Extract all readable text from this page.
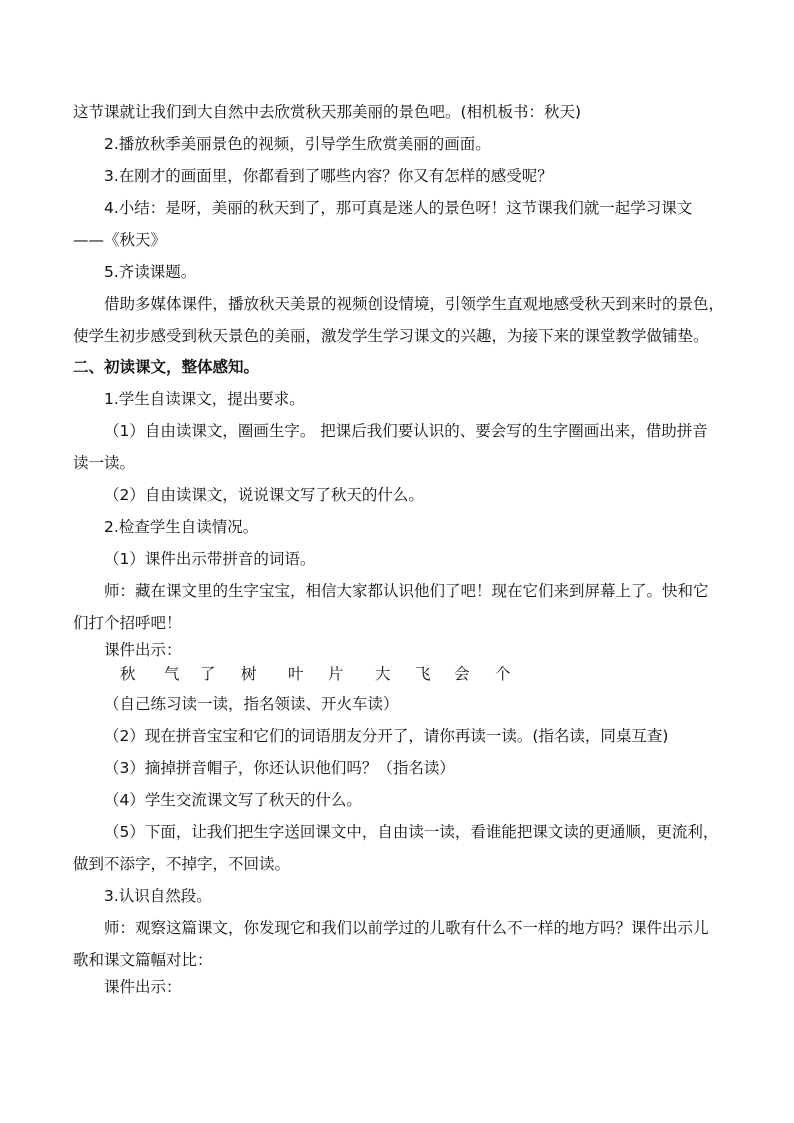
这节课就让我们到大自然中去欣赏秋天那美丽的景色吧。(相机板书：秋天)
2.播放秋季美丽景色的视频，引导学生欣赏美丽的画面。
3.在刚才的画面里，你都看到了哪些内容？你又有怎样的感受呢？
4.小结：是呀，美丽的秋天到了，那可真是迷人的景色呀！这节课我们就一起学习课文
——《秋天》
5.齐读课题。
借助多媒体课件，播放秋天美景的视频创设情境，引领学生直观地感受秋天到来时的景色，
使学生初步感受到秋天景色的美丽，激发学生学习课文的兴趣，为接下来的课堂教学做铺垫。
二、初读课文，整体感知。
1.学生自读课文，提出要求。
（1）自由读课文，圈画生字。 把课后我们要认识的、要会写的生字圈画出来，借助拼音
读一读。
（2）自由读课文，说说课文写了秋天的什么。
2.检查学生自读情况。
（1）课件出示带拼音的词语。
师：藏在课文里的生字宝宝，相信大家都认识他们了吧！现在它们来到屏幕上了。快和它
们打个招呼吧！
课件出示：
秋 气 了 树 叶 片 大 飞 会 个
（自己练习读一读，指名领读、开火车读）
（2）现在拼音宝宝和它们的词语朋友分开了，请你再读一读。(指名读，同桌互查)
（3）摘掉拼音帽子，你还认识他们吗？（指名读）
（4）学生交流课文写了秋天的什么。
（5）下面，让我们把生字送回课文中，自由读一读，看谁能把课文读的更通顺，更流利，
做到不添字，不掉字，不回读。
3.认识自然段。
师：观察这篇课文，你发现它和我们以前学过的儿歌有什么不一样的地方吗？课件出示儿
歌和课文篇幅对比：
课件出示：
